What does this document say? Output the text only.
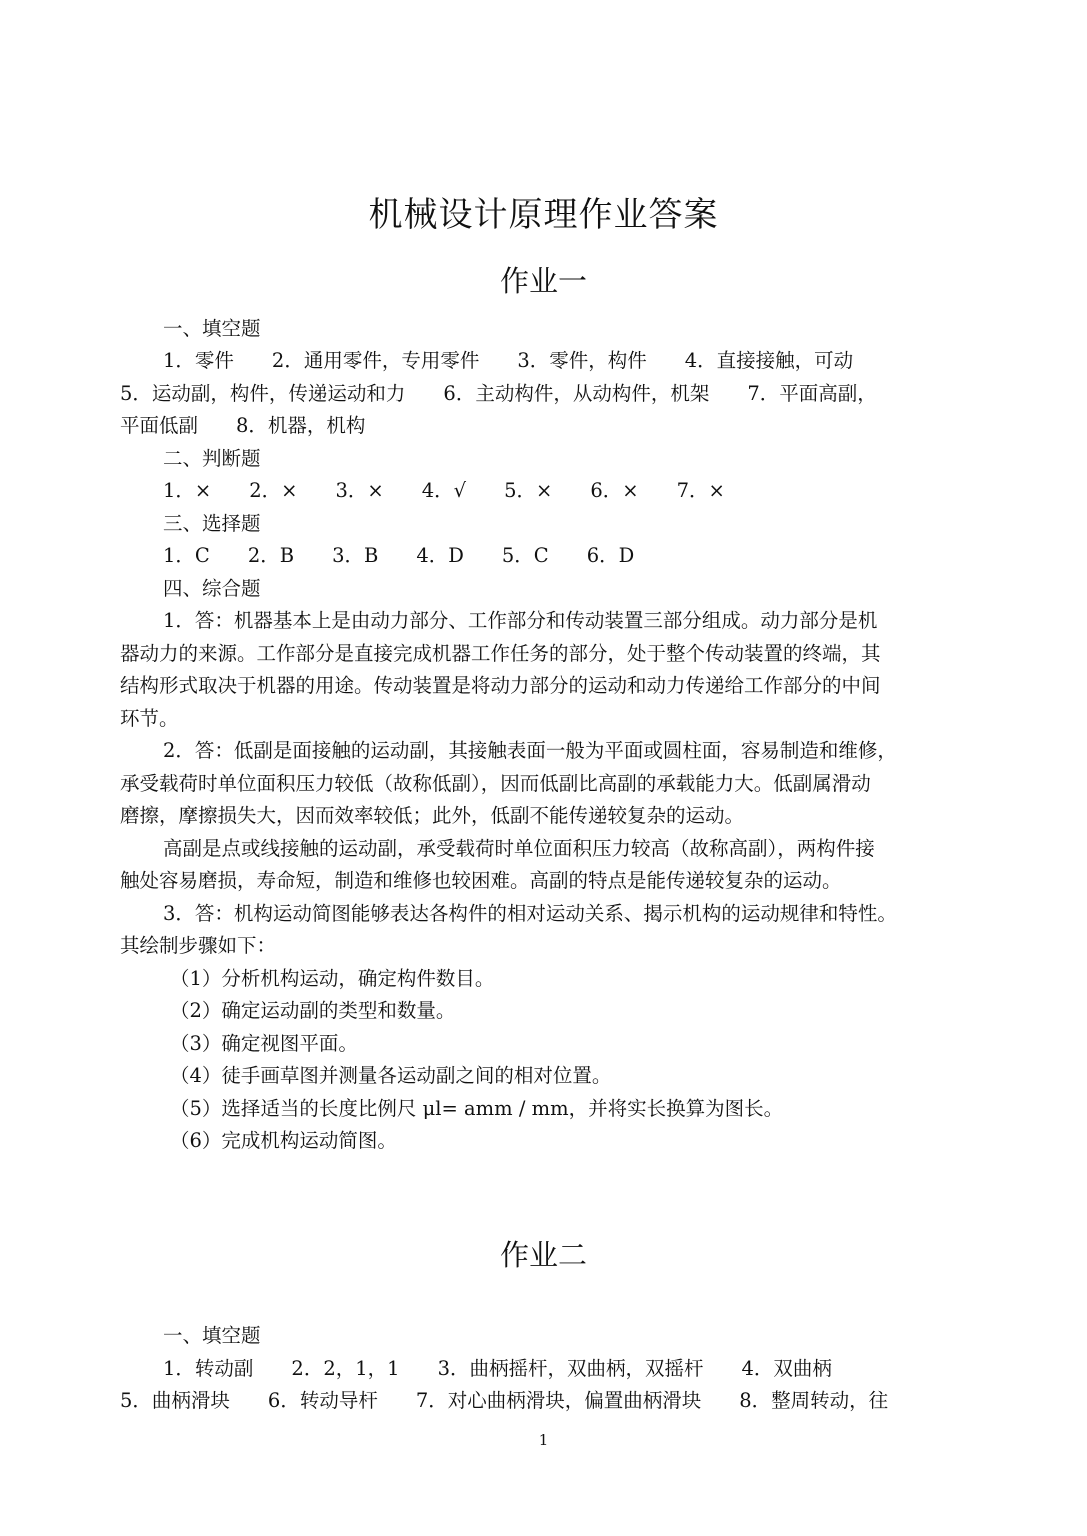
机械设计原理作业答案
作业一
一、填空题
1．零件 2．通用零件，专用零件 3．零件，构件 4．直接接触，可动
5．运动副，构件，传递运动和力 6．主动构件，从动构件，机架 7．平面高副，
平面低副 8．机器，机构
二、判断题
1．× 2．× 3．× 4．√ 5．× 6．× 7．×
三、选择题
1．C 2．B 3．B 4．D 5．C 6．D
四、综合题
1．答：机器基本上是由动力部分、工作部分和传动装置三部分组成。动力部分是机
器动力的来源。工作部分是直接完成机器工作任务的部分，处于整个传动装置的终端，其
结构形式取决于机器的用途。传动装置是将动力部分的运动和动力传递给工作部分的中间
环节。
2．答：低副是面接触的运动副，其接触表面一般为平面或圆柱面，容易制造和维修，
承受载荷时单位面积压力较低（故称低副），因而低副比高副的承载能力大。低副属滑动
磨擦，摩擦损失大，因而效率较低；此外，低副不能传递较复杂的运动。
高副是点或线接触的运动副，承受载荷时单位面积压力较高（故称高副），两构件接
触处容易磨损，寿命短，制造和维修也较困难。高副的特点是能传递较复杂的运动。
3．答：机构运动简图能够表达各构件的相对运动关系、揭示机构的运动规律和特性。
其绘制步骤如下：
（1）分析机构运动，确定构件数目。
（2）确定运动副的类型和数量。
（3）确定视图平面。
（4）徒手画草图并测量各运动副之间的相对位置。
（5）选择适当的长度比例尺 μl= amm / mm，并将实长换算为图长。
（6）完成机构运动简图。
作业二
一、填空题
1．转动副 2．2，1，1 3．曲柄摇杆，双曲柄，双摇杆 4．双曲柄
5．曲柄滑块 6．转动导杆 7．对心曲柄滑块，偏置曲柄滑块 8．整周转动，往
1
